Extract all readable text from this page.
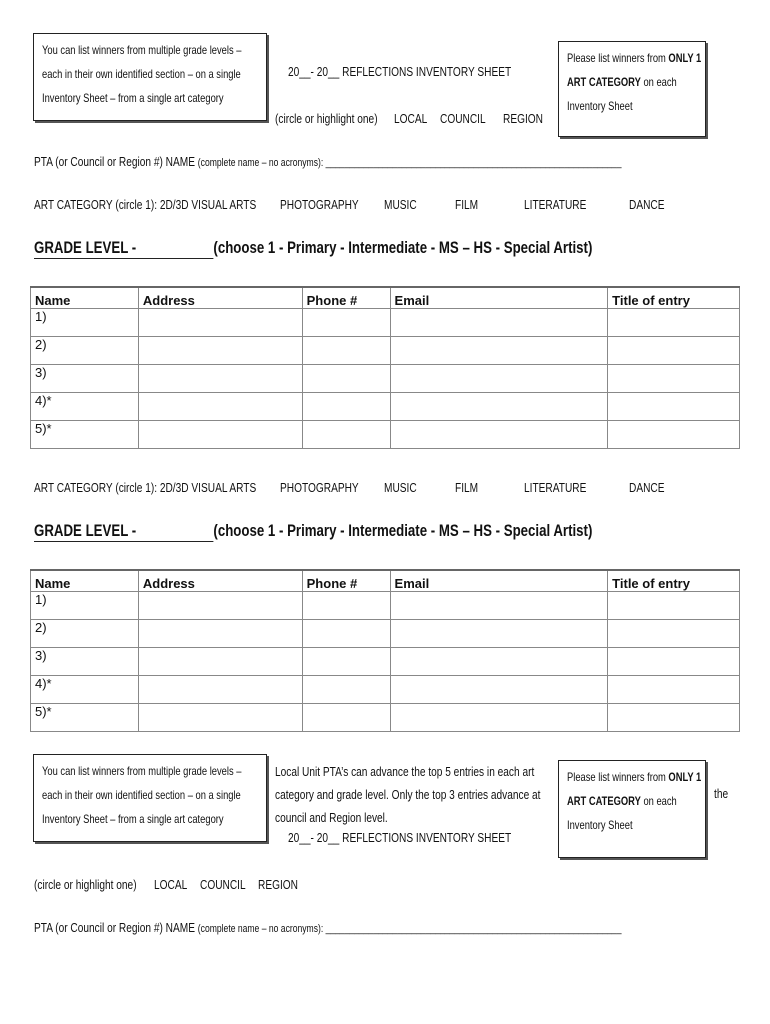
You can list winners from multiple grade levels –
each in their own identified section – on a single
Inventory Sheet – from a single art category
20__- 20__ REFLECTIONS INVENTORY SHEET
(circle or highlight one)	LOCAL COUNCIL	REGION
Please list winners from ONLY 1
ART CATEGORY on each
Inventory Sheet
PTA (or Council or Region #) NAME (complete name – no acronyms): ______________________________________________________________
ART CATEGORY (circle 1): 2D/3D VISUAL ARTS PHOTOGRAPHY MUSIC	FILM	LITERATURE	DANCE
GRADE LEVEL -	(choose 1 - Primary - Intermediate - MS – HS - Special Artist)
Name	Address	Phone #	Email	Title of entry
1)				
2)				
3)				
4)*				
5)*				
ART CATEGORY (circle 1): 2D/3D VISUAL ARTS PHOTOGRAPHY MUSIC	FILM	LITERATURE	DANCE
GRADE LEVEL -	(choose 1 - Primary - Intermediate - MS – HS - Special Artist)
Name	Address	Phone #	Email	Title of entry
1)				
2)				
3)				
4)*				
5)*				
You can list winners from multiple grade levels –
each in their own identified section – on a single
Inventory Sheet – from a single art category
Local Unit PTA’s can advance the top 5 entries in each art
category and grade level. Only the top 3 entries advance at
council and Region level.
20__- 20__ REFLECTIONS INVENTORY SHEET
Please list winners from ONLY 1
ART CATEGORY on each
Inventory Sheet
the
(circle or highlight one)	LOCAL COUNCIL REGION
PTA (or Council or Region #) NAME (complete name – no acronyms): ______________________________________________________________
